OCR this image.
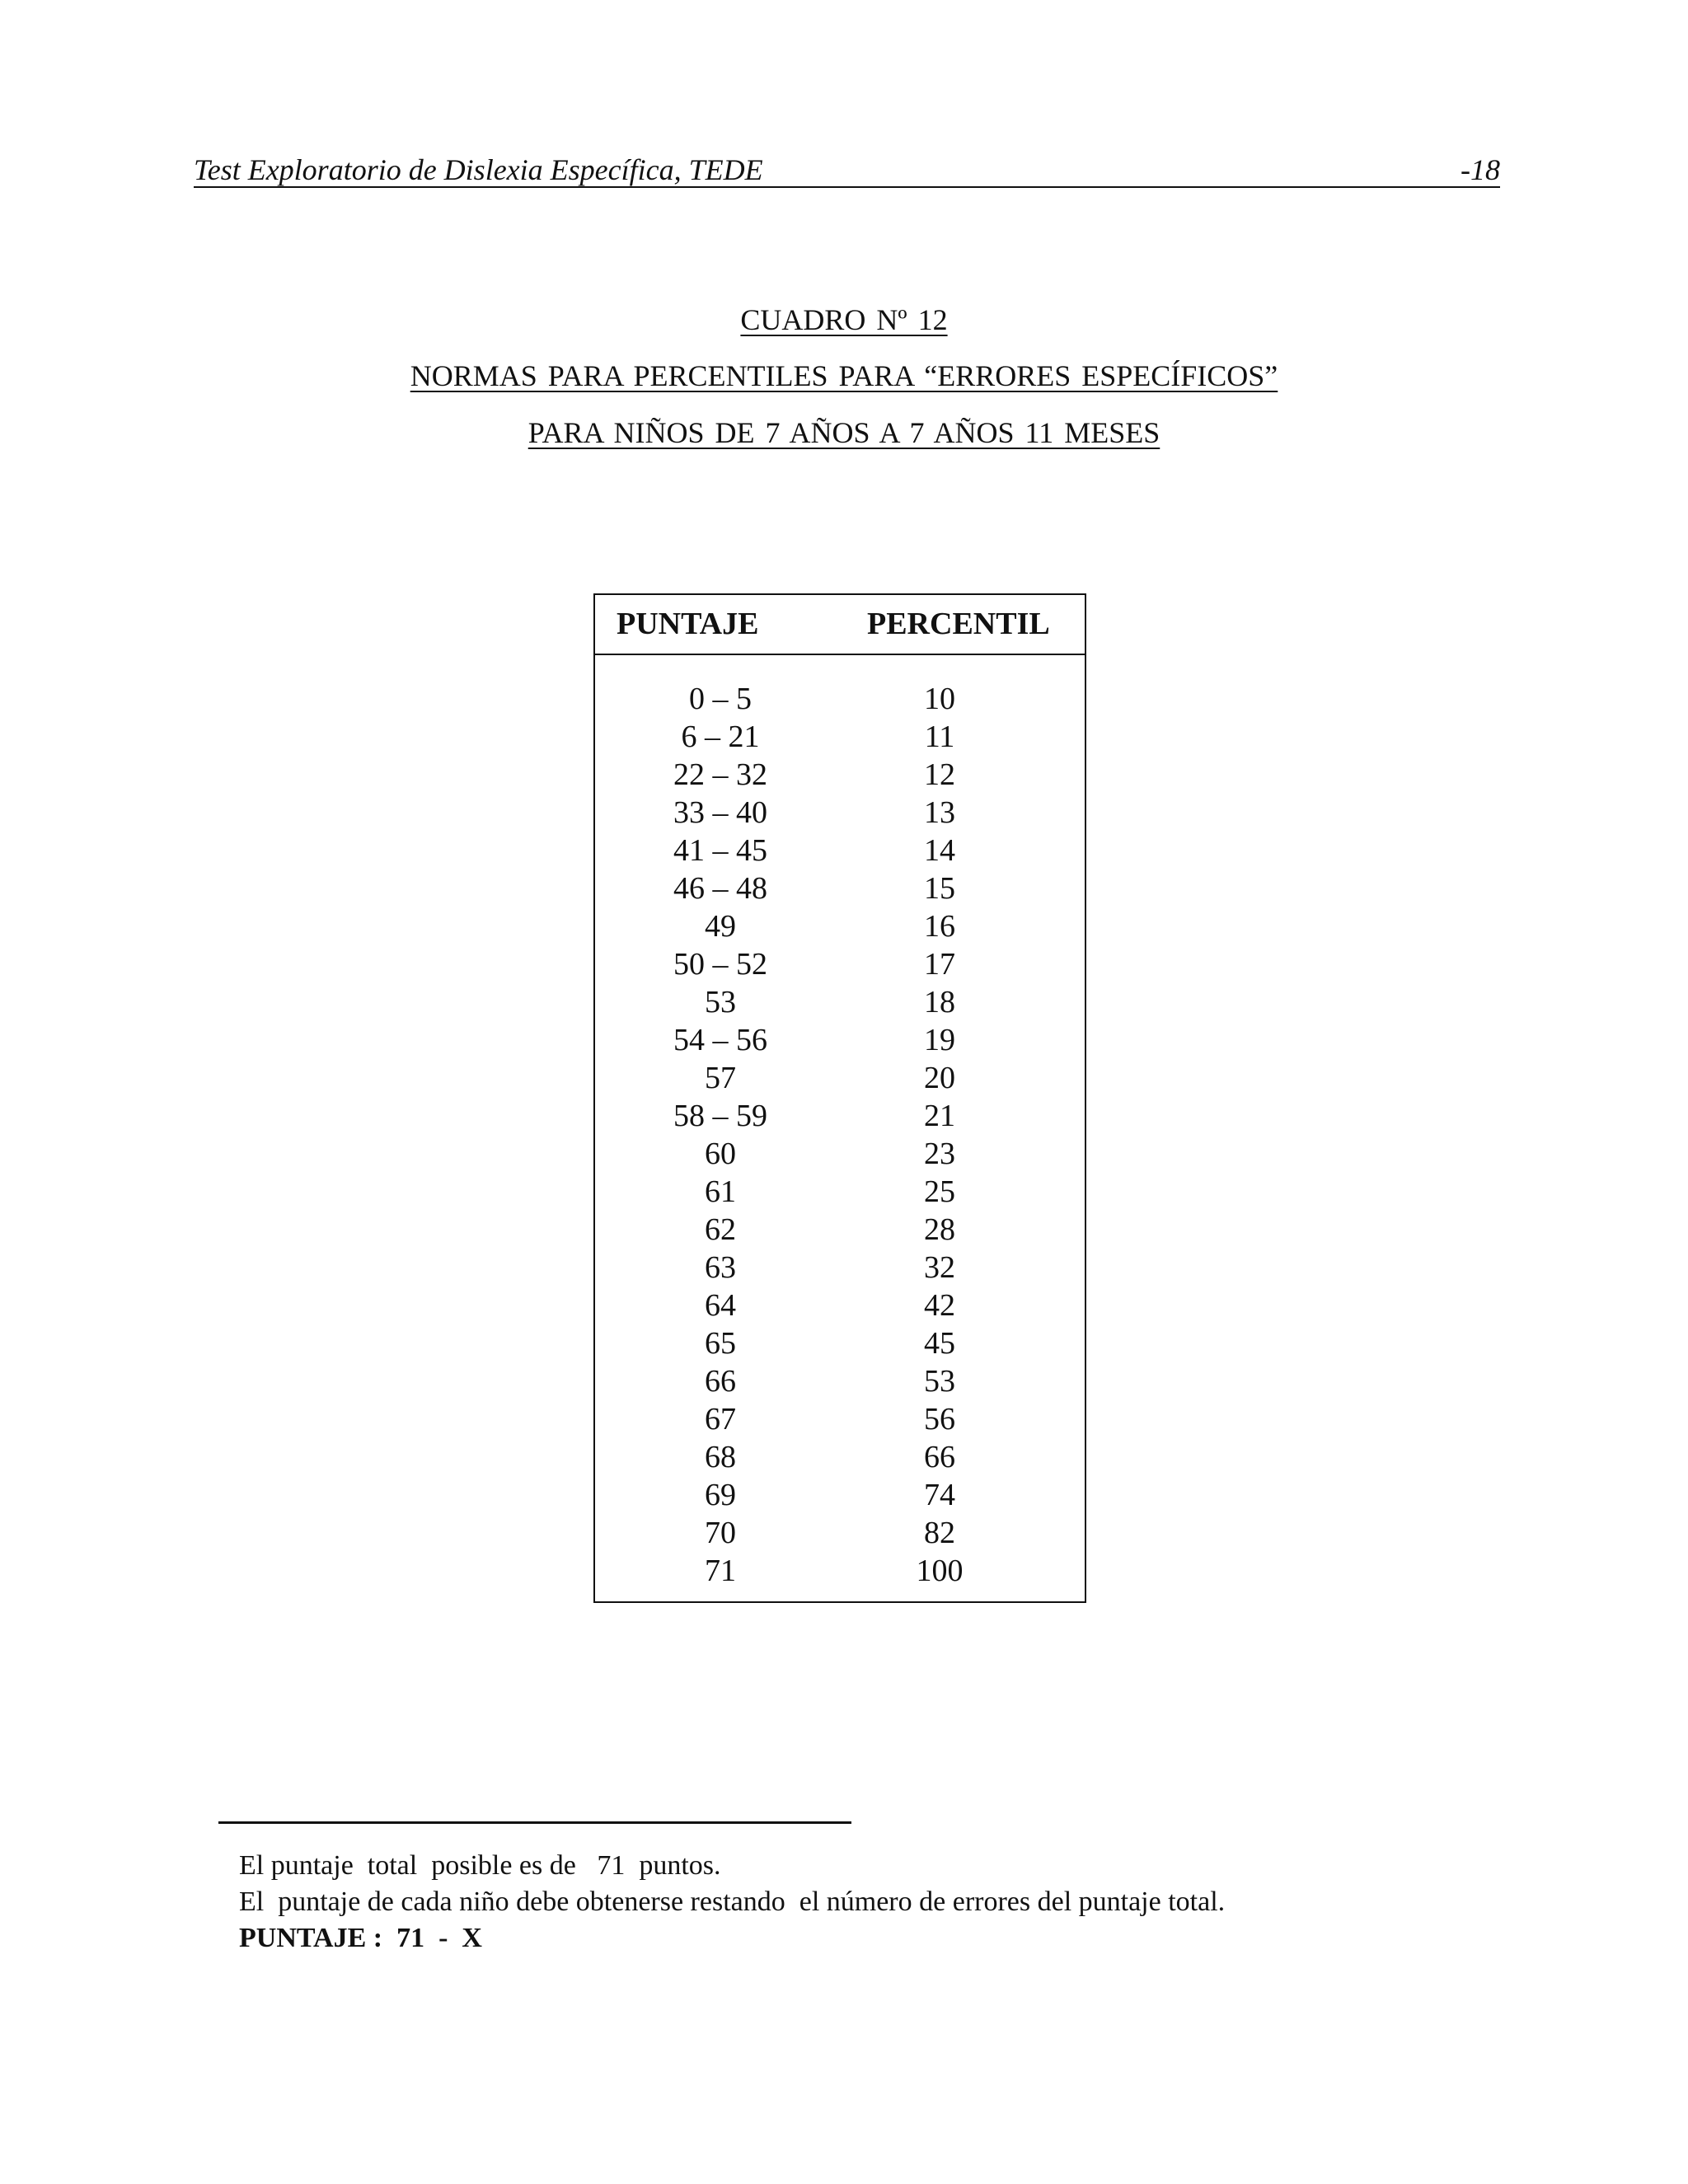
Test Exploratorio de Dislexia Específica, TEDE	-18
CUADRO Nº 12
NORMAS PARA PERCENTILES PARA “ERRORES ESPECÍFICOS”
PARA NIÑOS DE 7 AÑOS A 7 AÑOS 11 MESES
PUNTAJE	PERCENTIL
0 – 5	10
6 – 21	11
22 – 32	12
33 – 40	13
41 – 45	14
46 – 48	15
49	16
50 – 52	17
53	18
54 – 56	19
57	20
58 – 59	21
60	23
61	25
62	28
63	32
64	42
65	45
66	53
67	56
68	66
69	74
70	82
71	100
El puntaje  total  posible es de   71  puntos.
El  puntaje de cada niño debe obtenerse restando  el número de errores del puntaje total.
PUNTAJE :  71  -  X
